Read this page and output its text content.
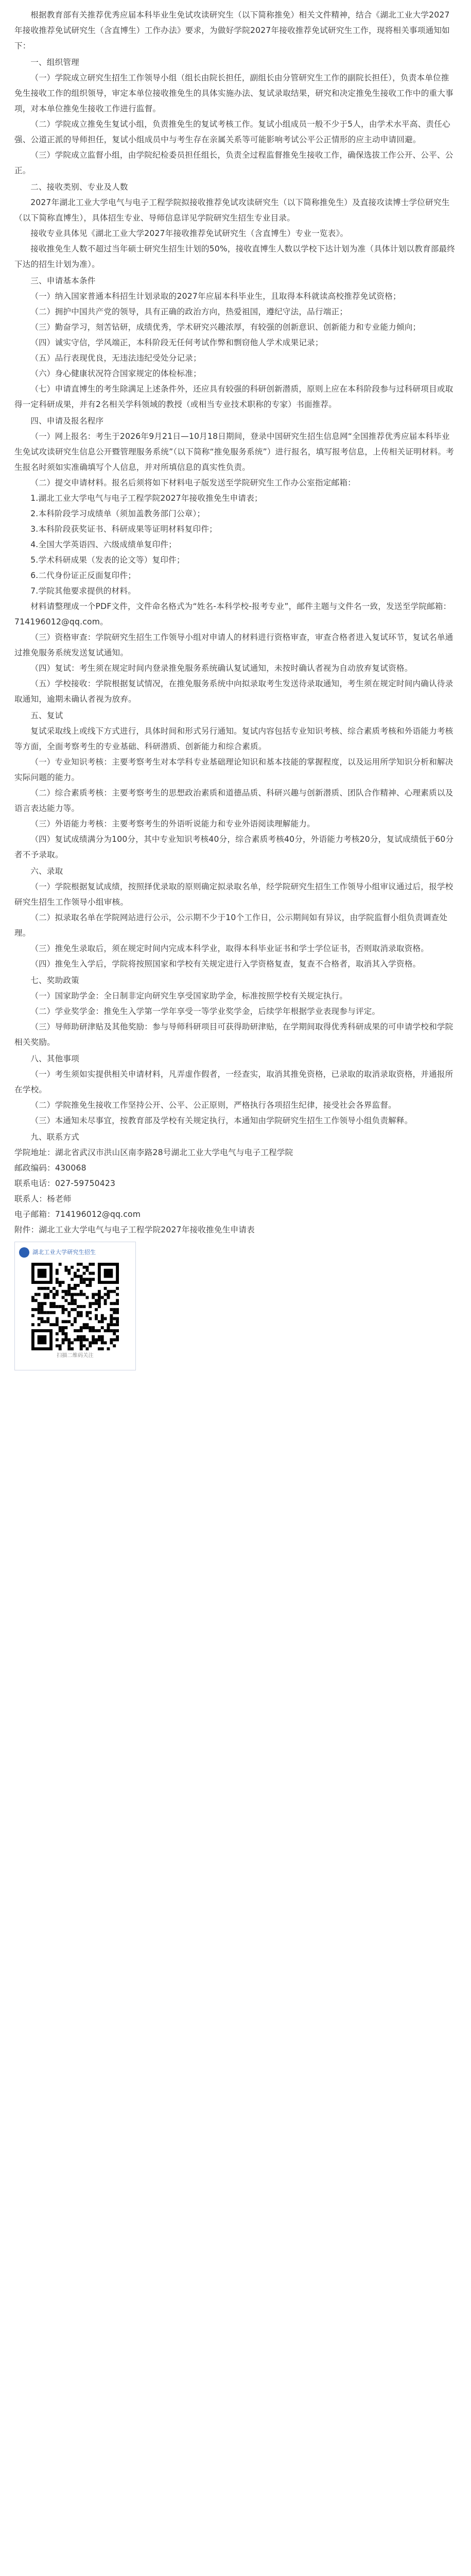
根据教育部有关推荐优秀应届本科毕业生免试攻读研究生（以下简称推免）相关文件精神，结合《湖北工业大学2027年接收推荐免试研究生（含直博生）工作办法》要求，为做好学院2027年接收推荐免试研究生工作，现将相关事项通知如下：

一、组织管理

（一）学院成立研究生招生工作领导小组（组长由院长担任，副组长由分管研究生工作的副院长担任），负责本单位推免生接收工作的组织领导，审定本单位接收推免生的具体实施办法、复试录取结果，研究和决定推免生接收工作中的重大事项，对本单位推免生接收工作进行监督。

（二）学院成立推免生复试小组，负责推免生的复试考核工作。复试小组成员一般不少于5人，由学术水平高、责任心强、公道正派的导师担任，复试小组成员中与考生存在亲属关系等可能影响考试公平公正情形的应主动申请回避。

（三）学院成立监督小组，由学院纪检委员担任组长，负责全过程监督推免生接收工作，确保选拔工作公开、公平、公正。

二、接收类别、专业及人数

2027年湖北工业大学电气与电子工程学院拟接收推荐免试攻读研究生（以下简称推免生）及直接攻读博士学位研究生（以下简称直博生），具体招生专业、导师信息详见学院研究生招生专业目录。

接收专业具体见《湖北工业大学2027年接收推荐免试研究生（含直博生）专业一览表》。

接收推免生人数不超过当年硕士研究生招生计划的50%，接收直博生人数以学校下达计划为准（具体计划以教育部最终下达的招生计划为准）。

三、申请基本条件

（一）纳入国家普通本科招生计划录取的2027年应届本科毕业生，且取得本科就读高校推荐免试资格；

（二）拥护中国共产党的领导，具有正确的政治方向，热爱祖国，遵纪守法，品行端正；

（三）勤奋学习，刻苦钻研，成绩优秀，学术研究兴趣浓厚，有较强的创新意识、创新能力和专业能力倾向；

（四）诚实守信，学风端正，本科阶段无任何考试作弊和剽窃他人学术成果记录；

（五）品行表现优良，无违法违纪受处分记录；

（六）身心健康状况符合国家规定的体检标准；

（七）申请直博生的考生除满足上述条件外，还应具有较强的科研创新潜质，原则上应在本科阶段参与过科研项目或取得一定科研成果，并有2名相关学科领域的教授（或相当专业技术职称的专家）书面推荐。

四、申请及报名程序

（一）网上报名：考生于2026年9月21日—10月18日期间，登录中国研究生招生信息网“全国推荐优秀应届本科毕业生免试攻读研究生信息公开暨管理服务系统”（以下简称“推免服务系统”）进行报名，填写报考信息，上传相关证明材料。考生报名时须如实准确填写个人信息，并对所填信息的真实性负责。

（二）提交申请材料。报名后须将如下材料电子版发送至学院研究生工作办公室指定邮箱：

1.湖北工业大学电气与电子工程学院2027年接收推免生申请表；

2.本科阶段学习成绩单（须加盖教务部门公章）；

3.本科阶段获奖证书、科研成果等证明材料复印件；

4.全国大学英语四、六级成绩单复印件；

5.学术科研成果（发表的论文等）复印件；

6.二代身份证正反面复印件；

7.学院其他要求提供的材料。

材料请整理成一个PDF文件，文件命名格式为“姓名-本科学校-报考专业”，邮件主题与文件名一致，发送至学院邮箱：714196012@qq.com。

（三）资格审查：学院研究生招生工作领导小组对申请人的材料进行资格审查，审查合格者进入复试环节，复试名单通过推免服务系统发送复试通知。

（四）复试：考生须在规定时间内登录推免服务系统确认复试通知，未按时确认者视为自动放弃复试资格。

（五）学校接收：学院根据复试情况，在推免服务系统中向拟录取考生发送待录取通知，考生须在规定时间内确认待录取通知，逾期未确认者视为放弃。

五、复试

复试采取线上或线下方式进行，具体时间和形式另行通知。复试内容包括专业知识考核、综合素质考核和外语能力考核等方面，全面考察考生的专业基础、科研潜质、创新能力和综合素质。

（一）专业知识考核：主要考察考生对本学科专业基础理论知识和基本技能的掌握程度，以及运用所学知识分析和解决实际问题的能力。

（二）综合素质考核：主要考察考生的思想政治素质和道德品质、科研兴趣与创新潜质、团队合作精神、心理素质以及语言表达能力等。

（三）外语能力考核：主要考察考生的外语听说能力和专业外语阅读理解能力。

（四）复试成绩满分为100分，其中专业知识考核40分，综合素质考核40分，外语能力考核20分，复试成绩低于60分者不予录取。

六、录取

（一）学院根据复试成绩，按照择优录取的原则确定拟录取名单，经学院研究生招生工作领导小组审议通过后，报学校研究生招生工作领导小组审核。

（二）拟录取名单在学院网站进行公示，公示期不少于10个工作日，公示期间如有异议，由学院监督小组负责调查处理。

（三）推免生录取后，须在规定时间内完成本科学业，取得本科毕业证书和学士学位证书，否则取消录取资格。

（四）推免生入学后，学院将按照国家和学校有关规定进行入学资格复查，复查不合格者，取消其入学资格。

七、奖助政策

（一）国家助学金：全日制非定向研究生享受国家助学金，标准按照学校有关规定执行。

（二）学业奖学金：推免生入学第一学年享受一等学业奖学金，后续学年根据学业表现参与评定。

（三）导师助研津贴及其他奖励：参与导师科研项目可获得助研津贴，在学期间取得优秀科研成果的可申请学校和学院相关奖励。

八、其他事项

（一）考生须如实提供相关申请材料，凡弄虚作假者，一经查实，取消其推免资格，已录取的取消录取资格，并通报所在学校。

（二）学院推免生接收工作坚持公开、公平、公正原则，严格执行各项招生纪律，接受社会各界监督。

（三）本通知未尽事宜，按教育部及学校有关规定执行，本通知由学院研究生招生工作领导小组负责解释。

九、联系方式

学院地址：湖北省武汉市洪山区南李路28号湖北工业大学电气与电子工程学院

邮政编码：430068

联系电话：027-59750423

联系人：杨老师

电子邮箱：714196012@qq.com

附件：湖北工业大学电气与电子工程学院2027年接收推免生申请表

湖北工业大学研究生招生
扫描二维码关注
